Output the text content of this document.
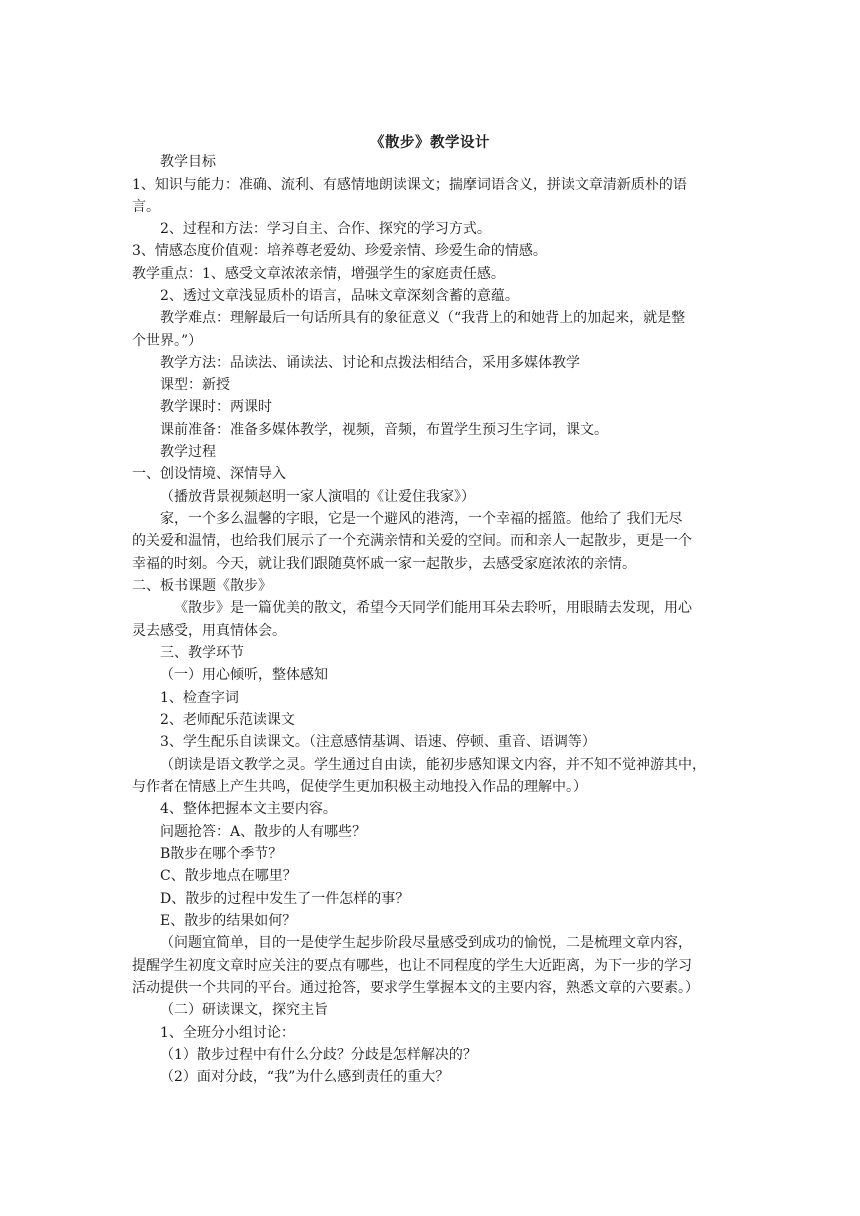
《散步》教学设计
教学目标
1、知识与能力：准确、流利、有感情地朗读课文；揣摩词语含义，拼读文章清新质朴的语
言。
2、过程和方法：学习自主、合作、探究的学习方式。
3、情感态度价值观：培养尊老爱幼、珍爱亲情、珍爱生命的情感。
教学重点：1、感受文章浓浓亲情，增强学生的家庭责任感。
2、透过文章浅显质朴的语言，品味文章深刻含蓄的意蕴。
教学难点：理解最后一句话所具有的象征意义（“我背上的和她背上的加起来，就是整
个世界。”）
教学方法：品读法、诵读法、讨论和点拨法相结合，采用多媒体教学
课型：新授
教学课时：两课时
课前准备：准备多媒体教学，视频，音频，布置学生预习生字词，课文。
教学过程
一、创设情境、深情导入
（播放背景视频赵明一家人演唱的《让爱住我家》）
家，一个多么温馨的字眼，它是一个避风的港湾，一个幸福的摇篮。他给了 我们无尽
的关爱和温情，也给我们展示了一个充满亲情和关爱的空间。而和亲人一起散步，更是一个
幸福的时刻。今天，就让我们跟随莫怀戚一家一起散步，去感受家庭浓浓的亲情。
二、板书课题《散步》
《散步》是一篇优美的散文，希望今天同学们能用耳朵去聆听，用眼睛去发现，用心
灵去感受，用真情体会。
三、教学环节
（一）用心倾听，整体感知
1、检查字词
2、老师配乐范读课文
3、学生配乐自读课文。（注意感情基调、语速、停顿、重音、语调等）
（朗读是语文教学之灵。学生通过自由读，能初步感知课文内容，并不知不觉神游其中，
与作者在情感上产生共鸣，促使学生更加积极主动地投入作品的理解中。）
4、整体把握本文主要内容。
问题抢答：A、散步的人有哪些？
B散步在哪个季节？
C、散步地点在哪里？
D、散步的过程中发生了一件怎样的事？
E、散步的结果如何？
（问题宜简单，目的一是使学生起步阶段尽量感受到成功的愉悦，二是梳理文章内容，
提醒学生初度文章时应关注的要点有哪些，也让不同程度的学生大近距离，为下一步的学习
活动提供一个共同的平台。通过抢答，要求学生掌握本文的主要内容，熟悉文章的六要素。）
（二）研读课文，探究主旨
1、全班分小组讨论：
（1）散步过程中有什么分歧？分歧是怎样解决的？
（2）面对分歧，“我”为什么感到责任的重大？
